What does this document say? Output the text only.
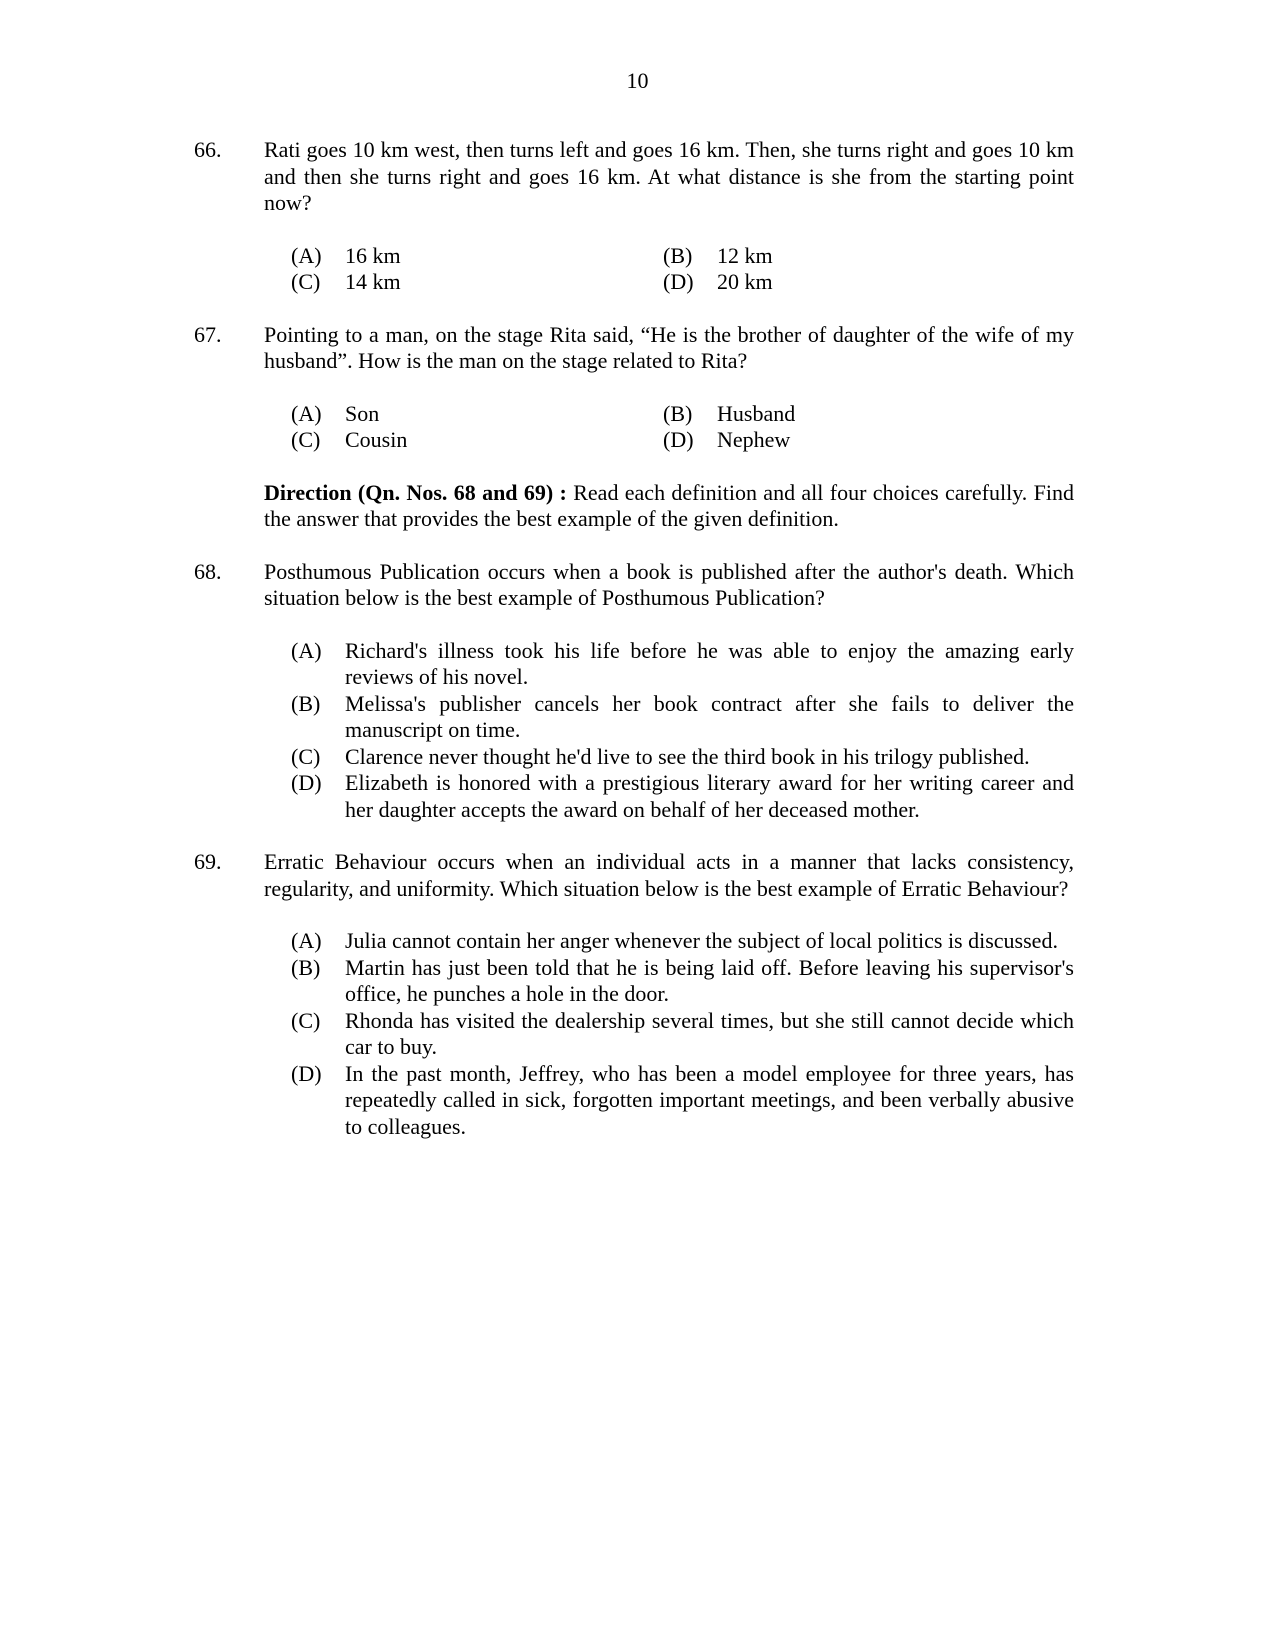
10
66. Rati goes 10 km west, then turns left and goes 16 km. Then, she turns right and goes 10 km and then she turns right and goes 16 km. At what distance is she from the starting point now?

(A)	16 km	(B)	12 km
(C)	14 km	(D)	20 km
67. Pointing to a man, on the stage Rita said, “He is the brother of daughter of the wife of my husband”. How is the man on the stage related to Rita?

(A)	Son	(B)	Husband
(C)	Cousin	(D)	Nephew

Direction (Qn. Nos. 68 and 69) : Read each definition and all four choices carefully. Find the answer that provides the best example of the given definition.

68. Posthumous Publication occurs when a book is published after the author's death. Which situation below is the best example of Posthumous Publication?

(A)	Richard's illness took his life before he was able to enjoy the amazing early reviews of his novel.
(B)	Melissa's publisher cancels her book contract after she fails to deliver the manuscript on time.
(C)	Clarence never thought he'd live to see the third book in his trilogy published.
(D)	Elizabeth is honored with a prestigious literary award for her writing career and her daughter accepts the award on behalf of her deceased mother.
69. Erratic Behaviour occurs when an individual acts in a manner that lacks consistency, regularity, and uniformity. Which situation below is the best example of Erratic Behaviour?

(A)	Julia cannot contain her anger whenever the subject of local politics is discussed.
(B)	Martin has just been told that he is being laid off. Before leaving his supervisor's office, he punches a hole in the door.
(C)	Rhonda has visited the dealership several times, but she still cannot decide which car to buy.
(D)	In the past month, Jeffrey, who has been a model employee for three years, has repeatedly called in sick, forgotten important meetings, and been verbally abusive to colleagues.
